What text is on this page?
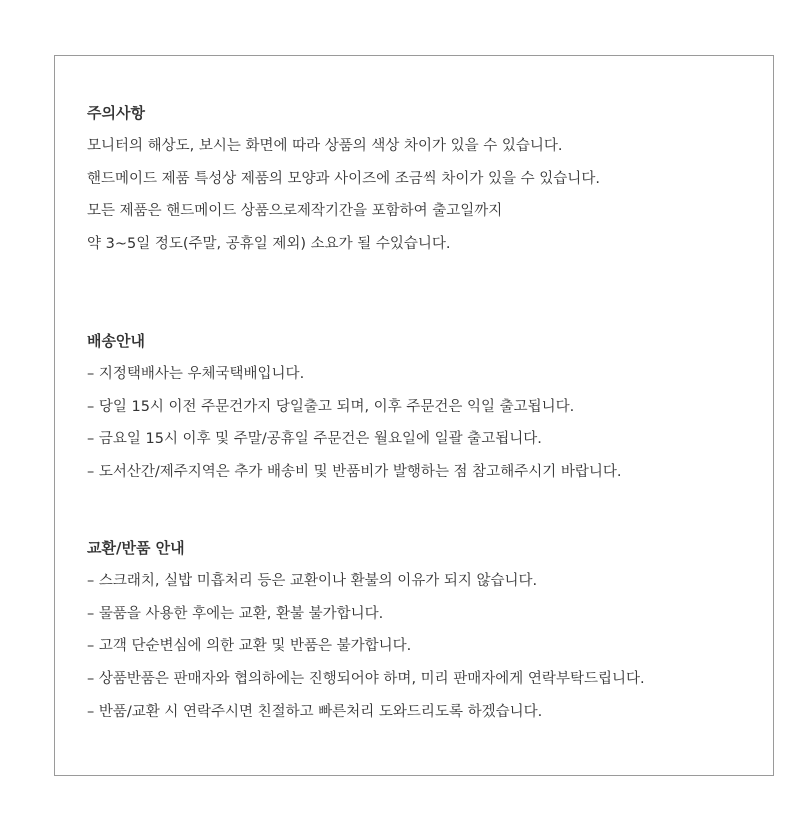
주의사항
모니터의 해상도, 보시는 화면에 따라 상품의 색상 차이가 있을 수 있습니다.
핸드메이드 제품 특성상 제품의 모양과 사이즈에 조금씩 차이가 있을 수 있습니다.
모든 제품은 핸드메이드 상품으로제작기간을 포함하여 출고일까지
약 3~5일 정도(주말, 공휴일 제외) 소요가 될 수있습니다.
배송안내
– 지정택배사는 우체국택배입니다.
– 당일 15시 이전 주문건가지 당일출고 되며, 이후 주문건은 익일 출고됩니다.
– 금요일 15시 이후 및 주말/공휴일 주문건은 월요일에 일괄 출고됩니다.
– 도서산간/제주지역은 추가 배송비 및 반품비가 발행하는 점 참고해주시기 바랍니다.
교환/반품 안내
– 스크래치, 실밥 미흡처리 등은 교환이나 환불의 이유가 되지 않습니다.
– 물품을 사용한 후에는 교환, 환불 불가합니다.
– 고객 단순변심에 의한 교환 및 반품은 불가합니다.
– 상품반품은 판매자와 협의하에는 진행되어야 하며, 미리 판매자에게 연락부탁드립니다.
– 반품/교환 시 연락주시면 친절하고 빠른처리 도와드리도록 하겠습니다.
